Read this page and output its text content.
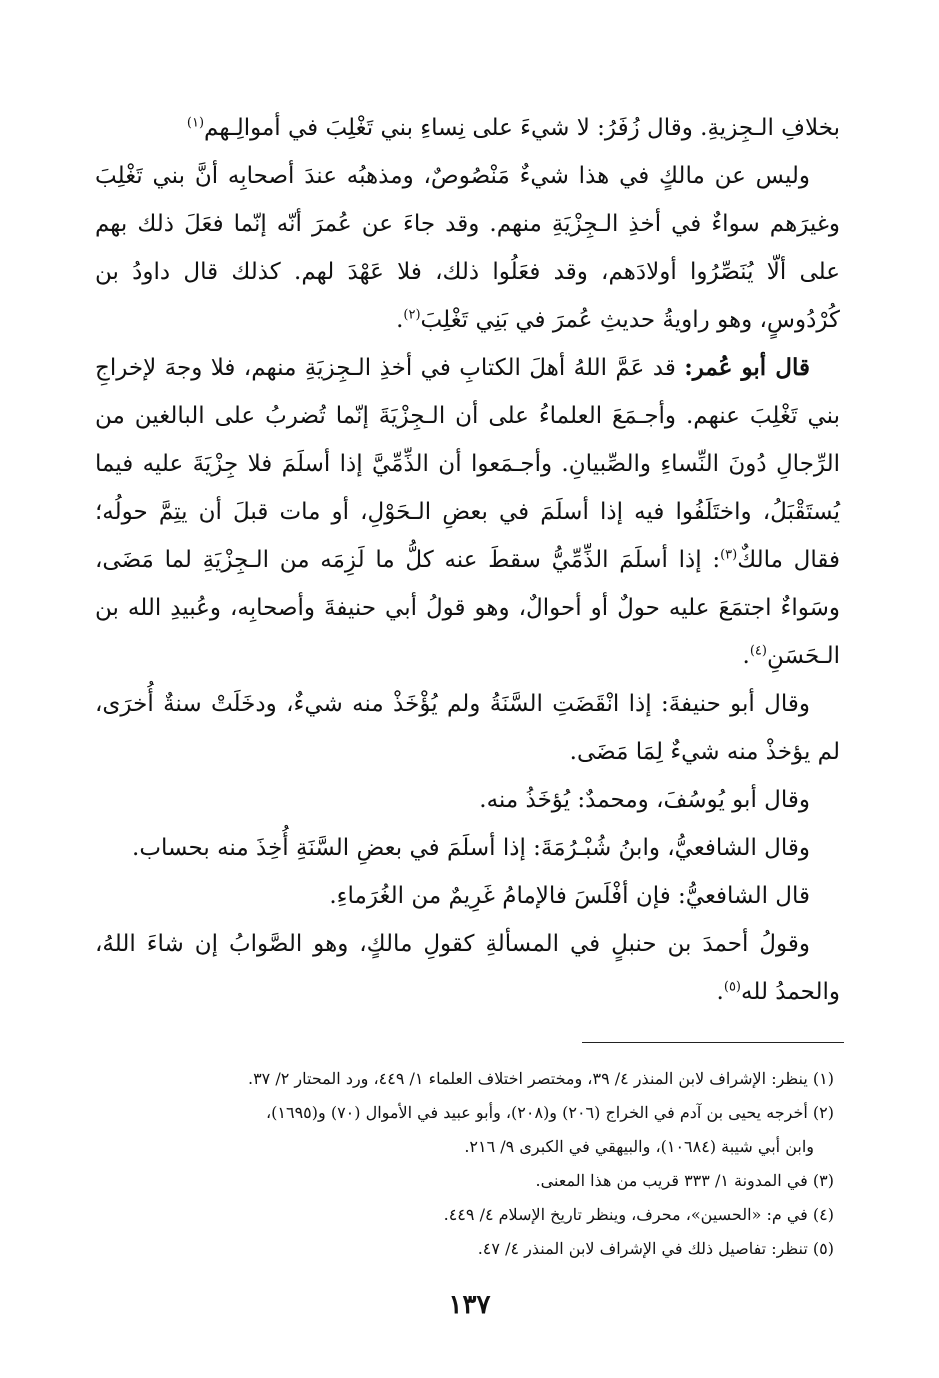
بخلافِ الـجِزيةِ. وقال زُفَرُ: لا شيءَ على نِساءِ بني تَغْلِبَ في أموالِـهم$^{(١)}$

وليس عن مالكٍ في هذا شيءٌ مَنْصُوصٌ، ومذهبُه عندَ أصحابِه أنَّ بني تَغْلِبَ وغيرَهم سواءٌ في أخذِ الـجِزْيَةِ منهم. وقد جاءَ عن عُمرَ أنّه إنّما فعَلَ ذلك بهم على ألّا يُنَصِّرُوا أولادَهم، وقد فعَلُوا ذلك، فلا عَهْدَ لهم. كذلك قال داودُ بن كُرْدُوسٍ، وهو راويةُ حديثِ عُمرَ في بَنِي تَغْلِبَ$^{(٢)}$.

قال أبو عُمر: قد عَمَّ اللهُ أهلَ الكتابِ في أخذِ الـجِزيَةِ منهم، فلا وجهَ لإخراجِ بني تَغْلِبَ عنهم. وأجـمَعَ العلماءُ على أن الـجِزْيَةَ إنّما تُضربُ على البالغين من الرِّجالِ دُونَ النِّساءِ والصِّبيانِ. وأجـمَعوا أن الذِّمِّيَّ إذا أسلَمَ فلا جِزْيَةَ عليه فيما يُستَقْبَلُ، واختَلَفُوا فيه إذا أسلَمَ في بعضِ الـحَوْلِ، أو مات قبلَ أن يتِمَّ حولُه؛ فقال مالكٌ$^{(٣)}$: إذا أسلَمَ الذِّمِّيُّ سقطَ عنه كلُّ ما لَزِمَه من الـجِزْيَةِ لما مَضَى، وسَواءٌ اجتمَعَ عليه حولٌ أو أحوالٌ، وهو قولُ أبي حنيفةَ وأصحابِه، وعُبيدِ الله بن الـحَسَنِ$^{(٤)}$.

وقال أبو حنيفةَ: إذا انْقَضَتِ السَّنَةُ ولم يُؤْخَذْ منه شيءٌ، ودخَلَتْ سنةٌ أُخرَى، لم يؤخذْ منه شيءٌ لِمَا مَضَى.

وقال أبو يُوسُفَ، ومحمدٌ: يُؤخَذُ منه.

وقال الشافعيُّ، وابنُ شُبْـرُمَةَ: إذا أسلَمَ في بعضِ السَّنَةِ أُخِذَ منه بحساب.

قال الشافعيُّ: فإن أفْلَسَ فالإمامُ غَرِيمٌ من الغُرَماءِ.

وقولُ أحمدَ بن حنبلٍ في المسألةِ كقولِ مالكٍ، وهو الصَّوابُ إن شاءَ اللهُ، والحمدُ لله$^{(٥)}$.

(١) ينظر: الإشراف لابن المنذر ٤/ ٣٩، ومختصر اختلاف العلماء ١/ ٤٤٩، ورد المحتار ٢/ ٣٧.

(٢) أخرجه يحيى بن آدم في الخراج (٢٠٦) و(٢٠٨)، وأبو عبيد في الأموال (٧٠) و(١٦٩٥)،

وابن أبي شيبة (١٠٦٨٤)، والبيهقي في الكبرى ٩/ ٢١٦.

(٣) في المدونة ١/ ٣٣٣ قريب من هذا المعنى.

(٤) في م: «الحسين»، محرف، وينظر تاريخ الإسلام ٤/ ٤٤٩.

(٥) تنظر: تفاصيل ذلك في الإشراف لابن المنذر ٤/ ٤٧.

١٣٧
